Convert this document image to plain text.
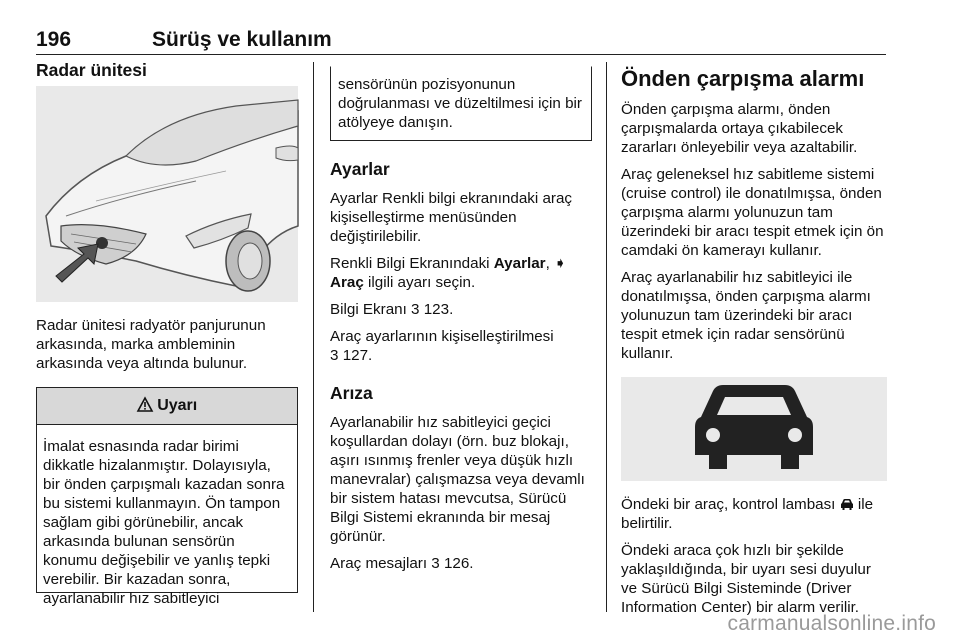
196	Sürüş ve kullanım
Radar ünitesi

Radar ünitesi radyatör panjurunun arkasında, marka ambleminin arkasında veya altında bulunur.

Uyarı
İmalat esnasında radar birimi dikkatle hizalanmıştır. Dolayısıyla, bir önden çarpışmalı kazadan sonra bu sistemi kullanmayın. Ön tampon sağlam gibi görünebilir, ancak arkasında bulunan sensörün konumu değişebilir ve yanlış tepki verebilir. Bir kazadan sonra, ayarlanabilir hız sabitleyici
sensörünün pozisyonunun doğrulanması ve düzeltilmesi için bir atölyeye danışın.
Ayarlar

Ayarlar Renkli bilgi ekranındaki araç kişiselleştirme menüsünden değiştirilebilir.

Renkli Bilgi Ekranındaki Ayarlar, ➧
Araç ilgili ayarı seçin.

Bilgi Ekranı 3 123.

Araç ayarlarının kişiselleştirilmesi
3 127.

Arıza

Ayarlanabilir hız sabitleyici geçici koşullardan dolayı (örn. buz blokajı, aşırı ısınmış frenler veya düşük hızlı manevralar) çalışmazsa veya devamlı bir sistem hatası mevcutsa, Sürücü Bilgi Sistemi ekranında bir mesaj görünür.

Araç mesajları 3 126.

Önden çarpışma alarmı

Önden çarpışma alarmı, önden çarpışmalarda ortaya çıkabilecek zararları önleyebilir veya azaltabilir.

Araç geleneksel hız sabitleme sistemi (cruise control) ile donatılmışsa, önden çarpışma alarmı yolunuzun tam üzerindeki bir aracı tespit etmek için ön camdaki ön kamerayı kullanır.

Araç ayarlanabilir hız sabitleyici ile donatılmışsa, önden çarpışma alarmı yolunuzun tam üzerindeki bir aracı tespit etmek için radar sensörünü kullanır.

Öndeki bir araç, kontrol lambası  ile belirtilir.

Öndeki araca çok hızlı bir şekilde yaklaşıldığında, bir uyarı sesi duyulur ve Sürücü Bilgi Sisteminde (Driver Information Center) bir alarm verilir.

carmanualsonline.info
